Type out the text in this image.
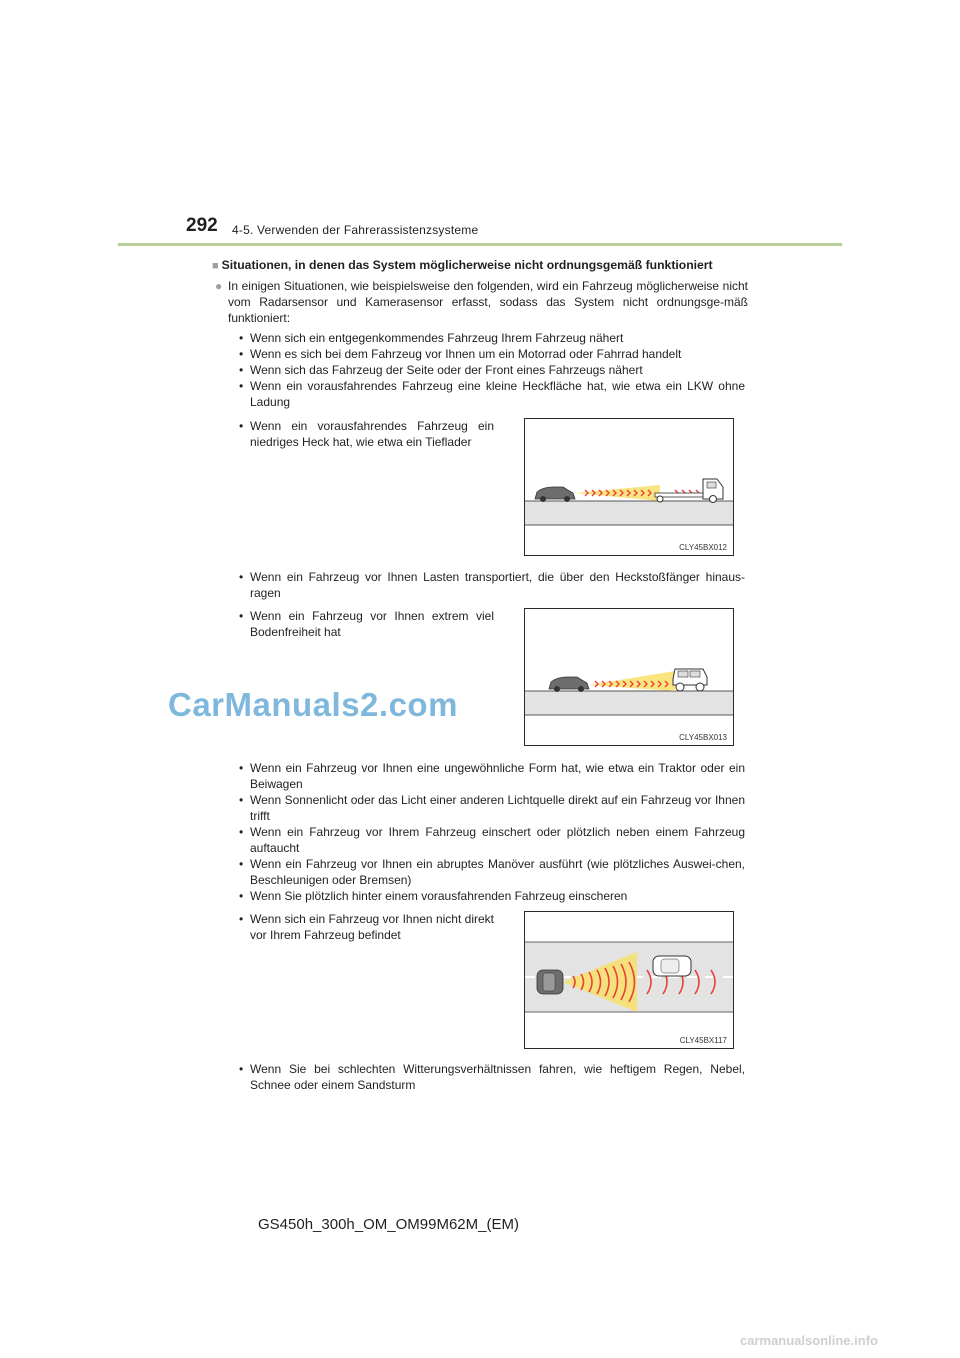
292 4-5. Verwenden der Fahrerassistenzsysteme
■ Situationen, in denen das System möglicherweise nicht ordnungsgemäß funktioniert
● In einigen Situationen, wie beispielsweise den folgenden, wird ein Fahrzeug möglicherweise nicht vom Radarsensor und Kamerasensor erfasst, sodass das System nicht ordnungsge-mäß funktioniert:
• Wenn sich ein entgegenkommendes Fahrzeug Ihrem Fahrzeug nähert
• Wenn es sich bei dem Fahrzeug vor Ihnen um ein Motorrad oder Fahrrad handelt
• Wenn sich das Fahrzeug der Seite oder der Front eines Fahrzeugs nähert
• Wenn ein vorausfahrendes Fahrzeug eine kleine Heckfläche hat, wie etwa ein LKW ohne Ladung
• Wenn ein vorausfahrendes Fahrzeug ein niedriges Heck hat, wie etwa ein Tieflader
CLY45BX012
• Wenn ein Fahrzeug vor Ihnen Lasten transportiert, die über den Heckstoßfänger hinaus-ragen
• Wenn ein Fahrzeug vor Ihnen extrem viel Bodenfreiheit hat
CLY45BX013
CarManuals2.com
• Wenn ein Fahrzeug vor Ihnen eine ungewöhnliche Form hat, wie etwa ein Traktor oder ein Beiwagen
• Wenn Sonnenlicht oder das Licht einer anderen Lichtquelle direkt auf ein Fahrzeug vor Ihnen trifft
• Wenn ein Fahrzeug vor Ihrem Fahrzeug einschert oder plötzlich neben einem Fahrzeug auftaucht
• Wenn ein Fahrzeug vor Ihnen ein abruptes Manöver ausführt (wie plötzliches Auswei-chen, Beschleunigen oder Bremsen)
• Wenn Sie plötzlich hinter einem vorausfahrenden Fahrzeug einscheren
• Wenn sich ein Fahrzeug vor Ihnen nicht direkt vor Ihrem Fahrzeug befindet
CLY45BX117
• Wenn Sie bei schlechten Witterungsverhältnissen fahren, wie heftigem Regen, Nebel, Schnee oder einem Sandsturm
GS450h_300h_OM_OM99M62M_(EM)
carmanualsonline.info
